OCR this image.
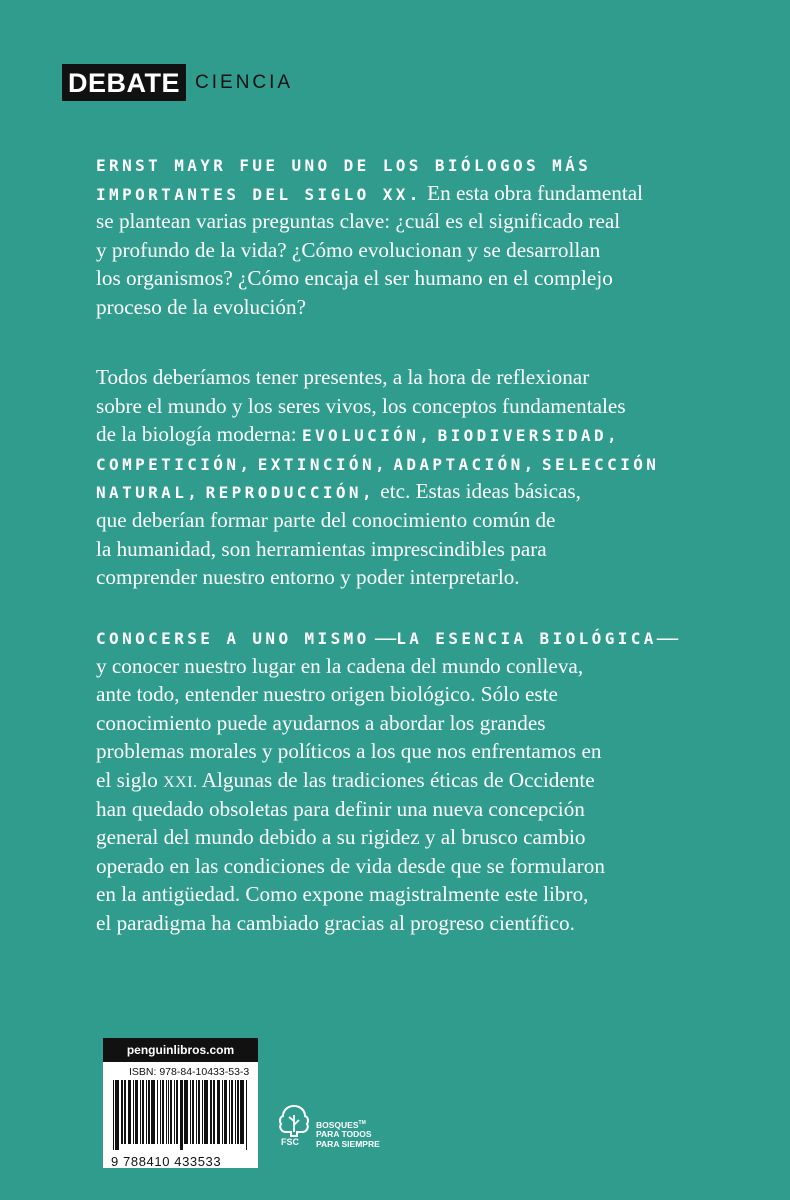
DEBATE CIENCIA
ERNST MAYR FUE UNO DE LOS BIÓLOGOS MÁS
IMPORTANTES DEL SIGLO XX. En esta obra fundamental
se plantean varias preguntas clave: ¿cuál es el significado real
y profundo de la vida? ¿Cómo evolucionan y se desarrollan
los organismos? ¿Cómo encaja el ser humano en el complejo
proceso de la evolución?
Todos deberíamos tener presentes, a la hora de reflexionar
sobre el mundo y los seres vivos, los conceptos fundamentales
de la biología moderna: EVOLUCIÓN, BIODIVERSIDAD,
COMPETICIÓN, EXTINCIÓN, ADAPTACIÓN, SELECCIÓN
NATURAL, REPRODUCCIÓN, etc. Estas ideas básicas,
que deberían formar parte del conocimiento común de
la humanidad, son herramientas imprescindibles para
comprender nuestro entorno y poder interpretarlo.
CONOCERSE A UNO MISMO —LA ESENCIA BIOLÓGICA—
y conocer nuestro lugar en la cadena del mundo conlleva,
ante todo, entender nuestro origen biológico. Sólo este
conocimiento puede ayudarnos a abordar los grandes
problemas morales y políticos a los que nos enfrentamos en
el siglo XXI. Algunas de las tradiciones éticas de Occidente
han quedado obsoletas para definir una nueva concepción
general del mundo debido a su rigidez y al brusco cambio
operado en las condiciones de vida desde que se formularon
en la antigüedad. Como expone magistralmente este libro,
el paradigma ha cambiado gracias al progreso científico.
penguinlibros.com
ISBN: 978-84-10433-53-3
9 788410 433533
FSC
BOSQUES™
PARA TODOS
PARA SIEMPRE
